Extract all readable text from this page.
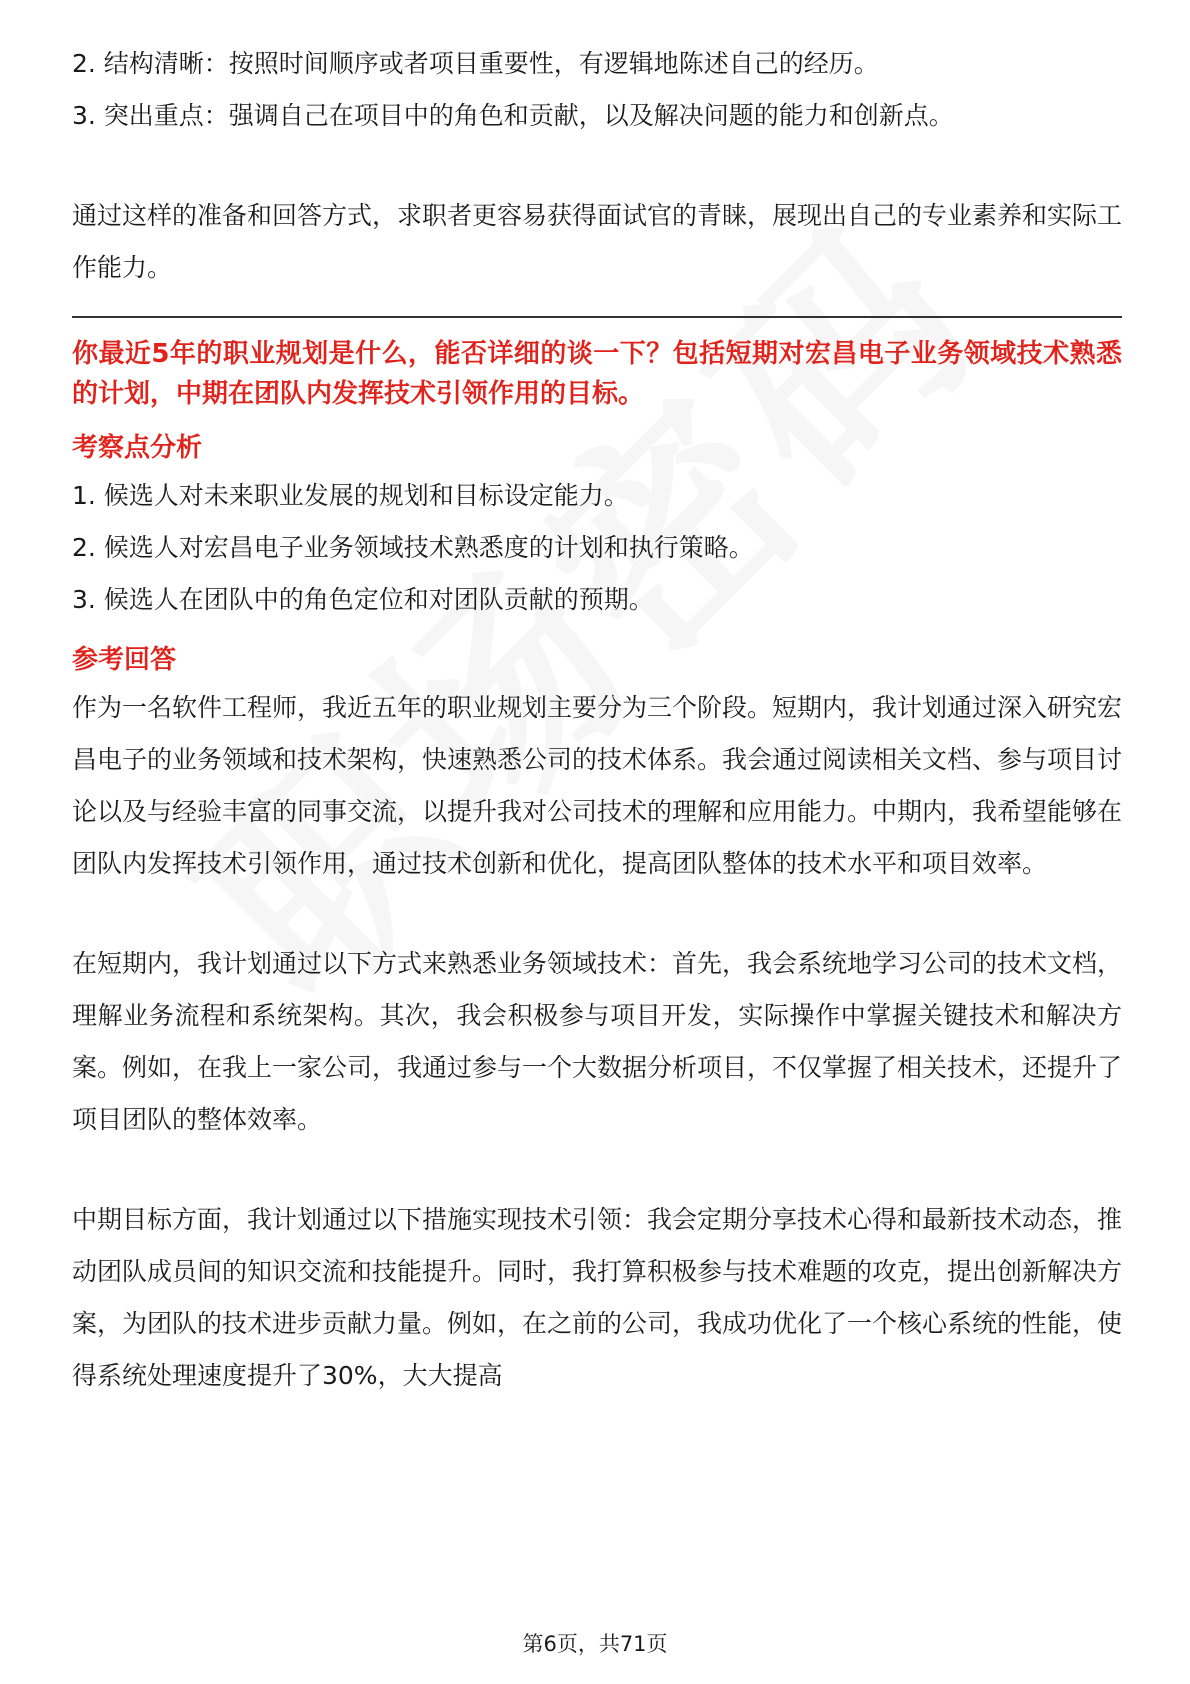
2. 结构清晰：按照时间顺序或者项目重要性，有逻辑地陈述自己的经历。
3. 突出重点：强调自己在项目中的角色和贡献，以及解决问题的能力和创新点。
通过这样的准备和回答方式，求职者更容易获得面试官的青睐，展现出自己的专业素养和实际工作能力。
你最近5年的职业规划是什么，能否详细的谈一下？包括短期对宏昌电子业务领域技术熟悉的计划，中期在团队内发挥技术引领作用的目标。
考察点分析
1. 候选人对未来职业发展的规划和目标设定能力。
2. 候选人对宏昌电子业务领域技术熟悉度的计划和执行策略。
3. 候选人在团队中的角色定位和对团队贡献的预期。
参考回答
作为一名软件工程师，我近五年的职业规划主要分为三个阶段。短期内，我计划通过深入研究宏昌电子的业务领域和技术架构，快速熟悉公司的技术体系。我会通过阅读相关文档、参与项目讨论以及与经验丰富的同事交流，以提升我对公司技术的理解和应用能力。中期内，我希望能够在团队内发挥技术引领作用，通过技术创新和优化，提高团队整体的技术水平和项目效率。
在短期内，我计划通过以下方式来熟悉业务领域技术：首先，我会系统地学习公司的技术文档，理解业务流程和系统架构。其次，我会积极参与项目开发，实际操作中掌握关键技术和解决方案。例如，在我上一家公司，我通过参与一个大数据分析项目，不仅掌握了相关技术，还提升了项目团队的整体效率。
中期目标方面，我计划通过以下措施实现技术引领：我会定期分享技术心得和最新技术动态，推动团队成员间的知识交流和技能提升。同时，我打算积极参与技术难题的攻克，提出创新解决方案，为团队的技术进步贡献力量。例如，在之前的公司，我成功优化了一个核心系统的性能，使得系统处理速度提升了30%，大大提高
第6页，共71页
